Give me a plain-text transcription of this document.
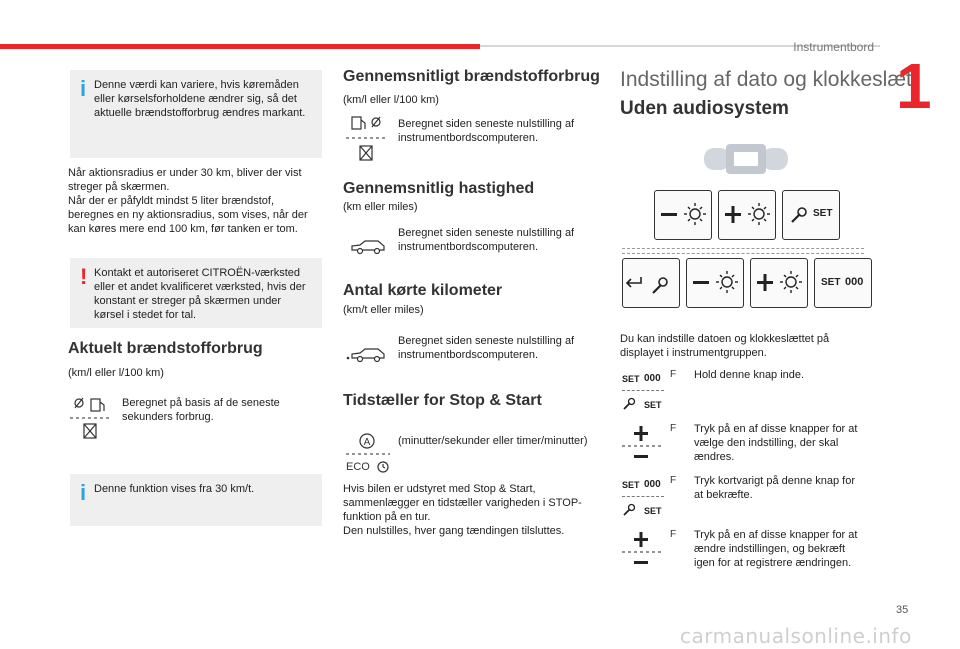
Instrumentbord
1
i Denne værdi kan variere, hvis køremåden eller kørselsforholdene ændrer sig, så det aktuelle brændstofforbrug ændres markant.
Når aktionsradius er under 30 km, bliver der vist streger på skærmen.
Når der er påfyldt mindst 5 liter brændstof, beregnes en ny aktionsradius, som vises, når der kan køres mere end 100 km, før tanken er tom.
! Kontakt et autoriseret CITROËN-værksted eller et andet kvalificeret værksted, hvis der konstant er streger på skærmen under kørsel i stedet for tal.
Aktuelt brændstofforbrug
(km/l eller l/100 km)
Beregnet på basis af de seneste sekunders forbrug.
i Denne funktion vises fra 30 km/t.
Gennemsnitligt brændstofforbrug
(km/l eller l/100 km)
Beregnet siden seneste nulstilling af instrumentbordscomputeren.
Gennemsnitlig hastighed
(km eller miles)
Beregnet siden seneste nulstilling af instrumentbordscomputeren.
Antal kørte kilometer
(km/t eller miles)
Beregnet siden seneste nulstilling af instrumentbordscomputeren.
Tidstæller for Stop & Start
A
ECO
(minutter/sekunder eller timer/minutter)
Hvis bilen er udstyret med Stop & Start, sammenlægger en tidstæller varigheden i STOP-funktion på en tur.
Den nulstilles, hver gang tændingen tilsluttes.
Indstilling af dato og klokkeslæt
Uden audiosystem
SET
SET 000
Du kan indstille datoen og klokkeslættet på displayet i instrumentgruppen.
SET 000
SET
F Hold denne knap inde.
F Tryk på en af disse knapper for at vælge den indstilling, der skal ændres.
SET 000
SET
F Tryk kortvarigt på denne knap for at bekræfte.
F Tryk på en af disse knapper for at ændre indstillingen, og bekræft igen for at registrere ændringen.
35
carmanualsonline.info
